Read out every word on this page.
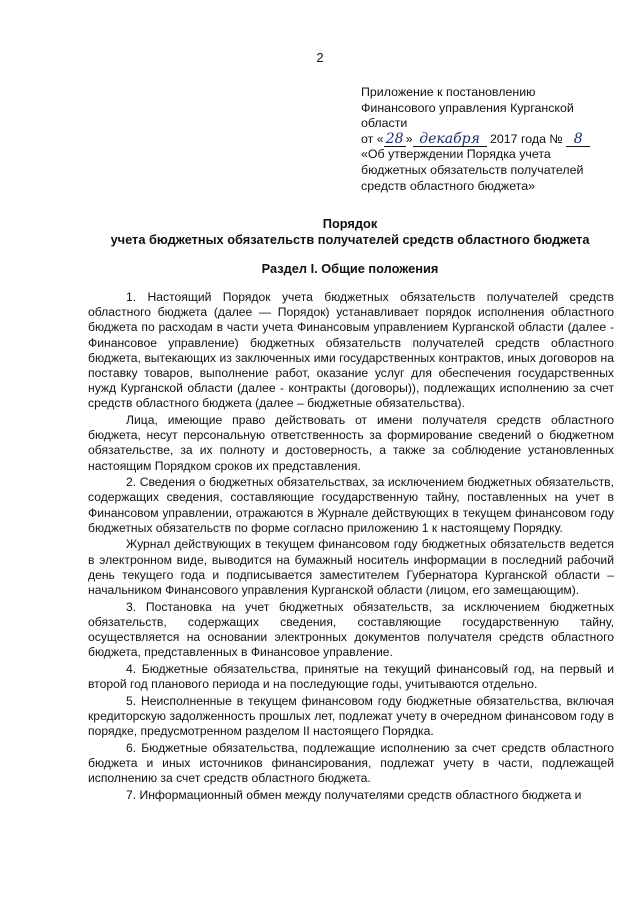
2
Приложение к постановлению
Финансового управления Курганской
области
от « 28 » декабря 2017 года № 8
«Об утверждении Порядка учета
бюджетных обязательств получателей
средств областного бюджета»
Порядок
учета бюджетных обязательств получателей средств областного бюджета
Раздел I. Общие положения

1. Настоящий Порядок учета бюджетных обязательств получателей средств областного бюджета (далее — Порядок) устанавливает порядок исполнения областного бюджета по расходам в части учета Финансовым управлением Курганской области (далее - Финансовое управление) бюджетных обязательств получателей средств областного бюджета, вытекающих из заключенных ими государственных контрактов, иных договоров на поставку товаров, выполнение работ, оказание услуг для обеспечения государственных нужд Курганской области (далее - контракты (договоры)), подлежащих исполнению за счет средств областного бюджета (далее – бюджетные обязательства).

Лица, имеющие право действовать от имени получателя средств областного бюджета, несут персональную ответственность за формирование сведений о бюджетном обязательстве, за их полноту и достоверность, а также за соблюдение установленных настоящим Порядком сроков их представления.

2. Сведения о бюджетных обязательствах, за исключением бюджетных обязательств, содержащих сведения, составляющие государственную тайну, поставленных на учет в Финансовом управлении, отражаются в Журнале действующих в текущем финансовом году бюджетных обязательств по форме согласно приложению 1 к настоящему Порядку.

Журнал действующих в текущем финансовом году бюджетных обязательств ведется в электронном виде, выводится на бумажный носитель информации в последний рабочий день текущего года и подписывается заместителем Губернатора Курганской области – начальником Финансового управления Курганской области (лицом, его замещающим).

3. Постановка на учет бюджетных обязательств, за исключением бюджетных обязательств, содержащих сведения, составляющие государственную тайну, осуществляется на основании электронных документов получателя средств областного бюджета, представленных в Финансовое управление.

4. Бюджетные обязательства, принятые на текущий финансовый год, на первый и второй год планового периода и на последующие годы, учитываются отдельно.

5. Неисполненные в текущем финансовом году бюджетные обязательства, включая кредиторскую задолженность прошлых лет, подлежат учету в очередном финансовом году в порядке, предусмотренном разделом II настоящего Порядка.

6. Бюджетные обязательства, подлежащие исполнению за счет средств областного бюджета и иных источников финансирования, подлежат учету в части, подлежащей исполнению за счет средств областного бюджета.

7. Информационный обмен между получателями средств областного бюджета и
